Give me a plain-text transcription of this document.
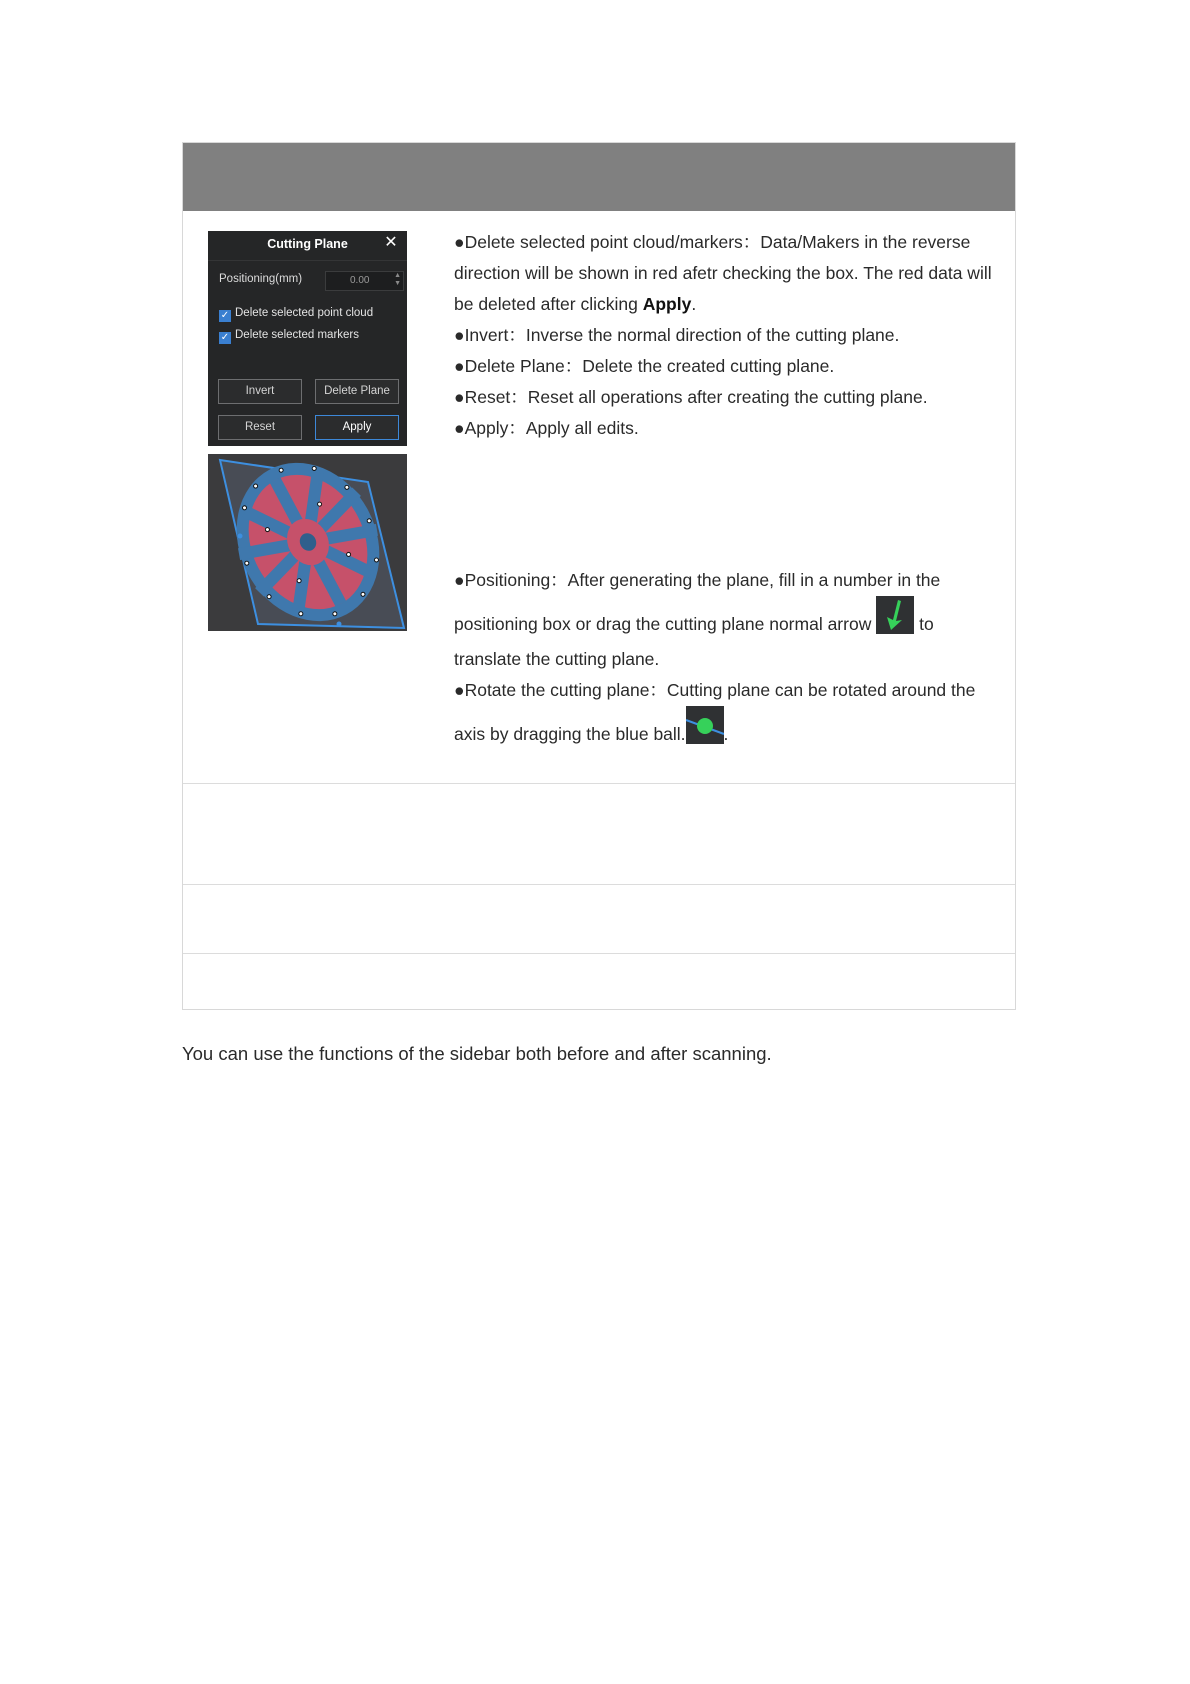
Cutting Plane	✕
Positioning(mm)	0.00	▲
▼
✓ Delete selected point cloud
✓ Delete selected markers
Invert	Delete Plane
Reset	Apply

●Delete selected point cloud/markers：Data/Makers in the reverse direction will be shown in red afetr checking the box. The red data will be deleted after clicking Apply.

●Invert：Inverse the normal direction of the cutting plane.

●Delete Plane：Delete the created cutting plane.

●Reset：Reset all operations after creating the cutting plane.

●Apply：Apply all edits.

●Positioning：After generating the plane, fill in a number in the positioning box or drag the cutting plane normal arrow	to translate the cutting plane.

●Rotate the cutting plane：Cutting plane can be rotated around the axis by dragging the blue ball. .

You can use the functions of the sidebar both before and after scanning.
